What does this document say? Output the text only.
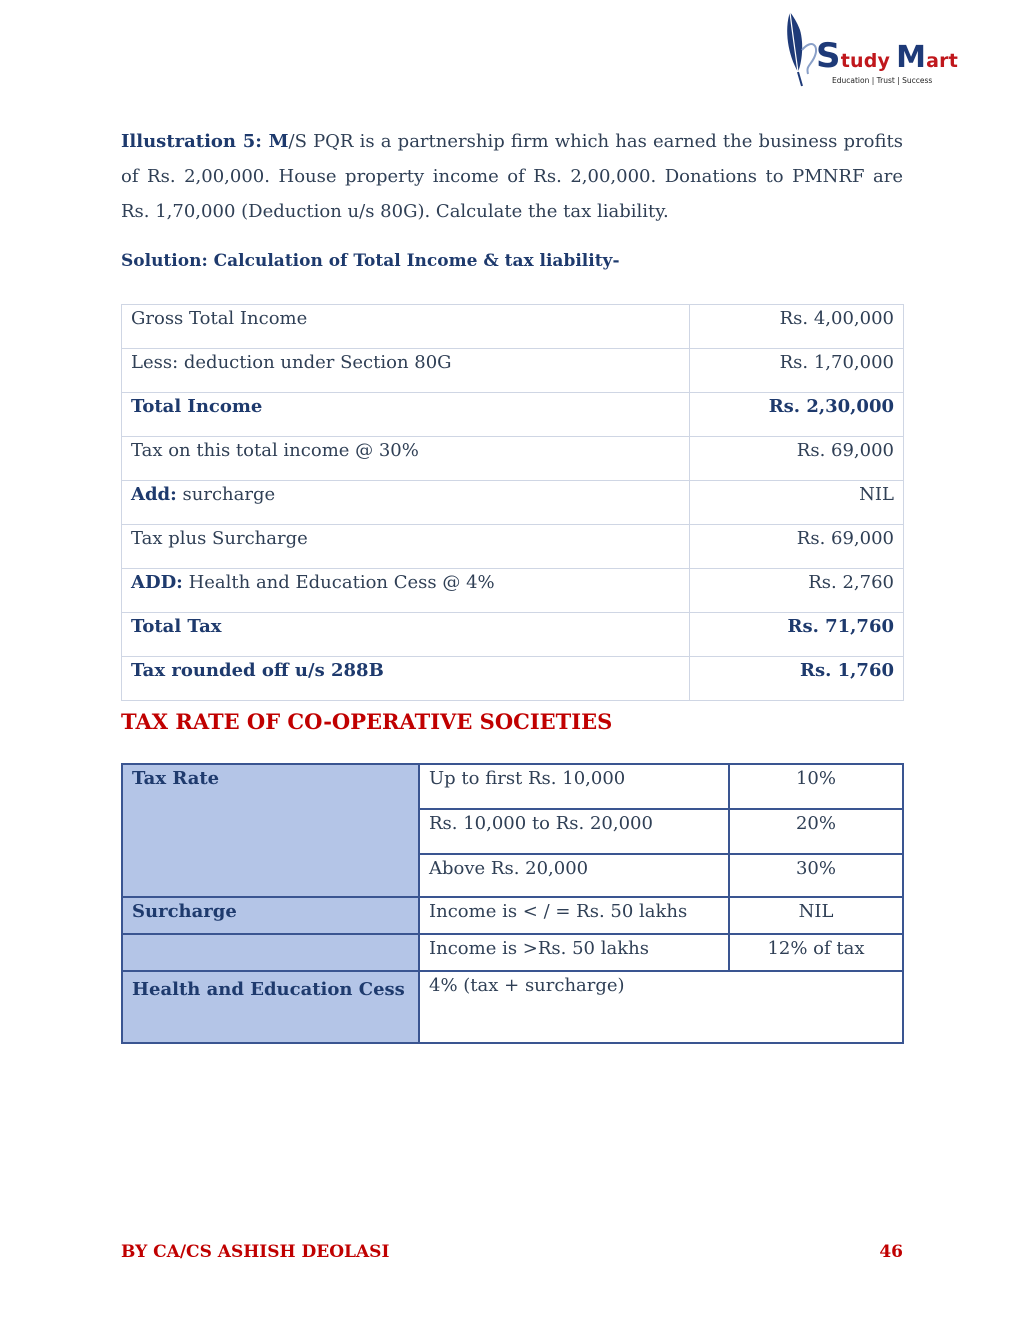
Study Mart
Education | Trust | Success
Illustration 5: M/S PQR is a partnership firm which has earned the business profits of Rs. 2,00,000. House property income of Rs. 2,00,000. Donations to PMNRF are Rs. 1,70,000 (Deduction u/s 80G). Calculate the tax liability.
Solution: Calculation of Total Income & tax liability-
Gross Total Income	Rs. 4,00,000
Less: deduction under Section 80G	Rs. 1,70,000
Total Income	Rs. 2,30,000
Tax on this total income @ 30%	Rs. 69,000
Add: surcharge	NIL
Tax plus Surcharge	Rs. 69,000
ADD: Health and Education Cess @ 4%	Rs. 2,760
Total Tax	Rs. 71,760
Tax rounded off u/s 288B	Rs. 1,760
TAX RATE OF CO-OPERATIVE SOCIETIES
Tax Rate	Up to first Rs. 10,000	10%
	Rs. 10,000 to Rs. 20,000	20%
	Above Rs. 20,000	30%
Surcharge	Income is < / = Rs. 50 lakhs	NIL
	Income is >Rs. 50 lakhs	12% of tax
Health and Education Cess	4% (tax + surcharge)	
BY CA/CS ASHISH DEOLASI	46
